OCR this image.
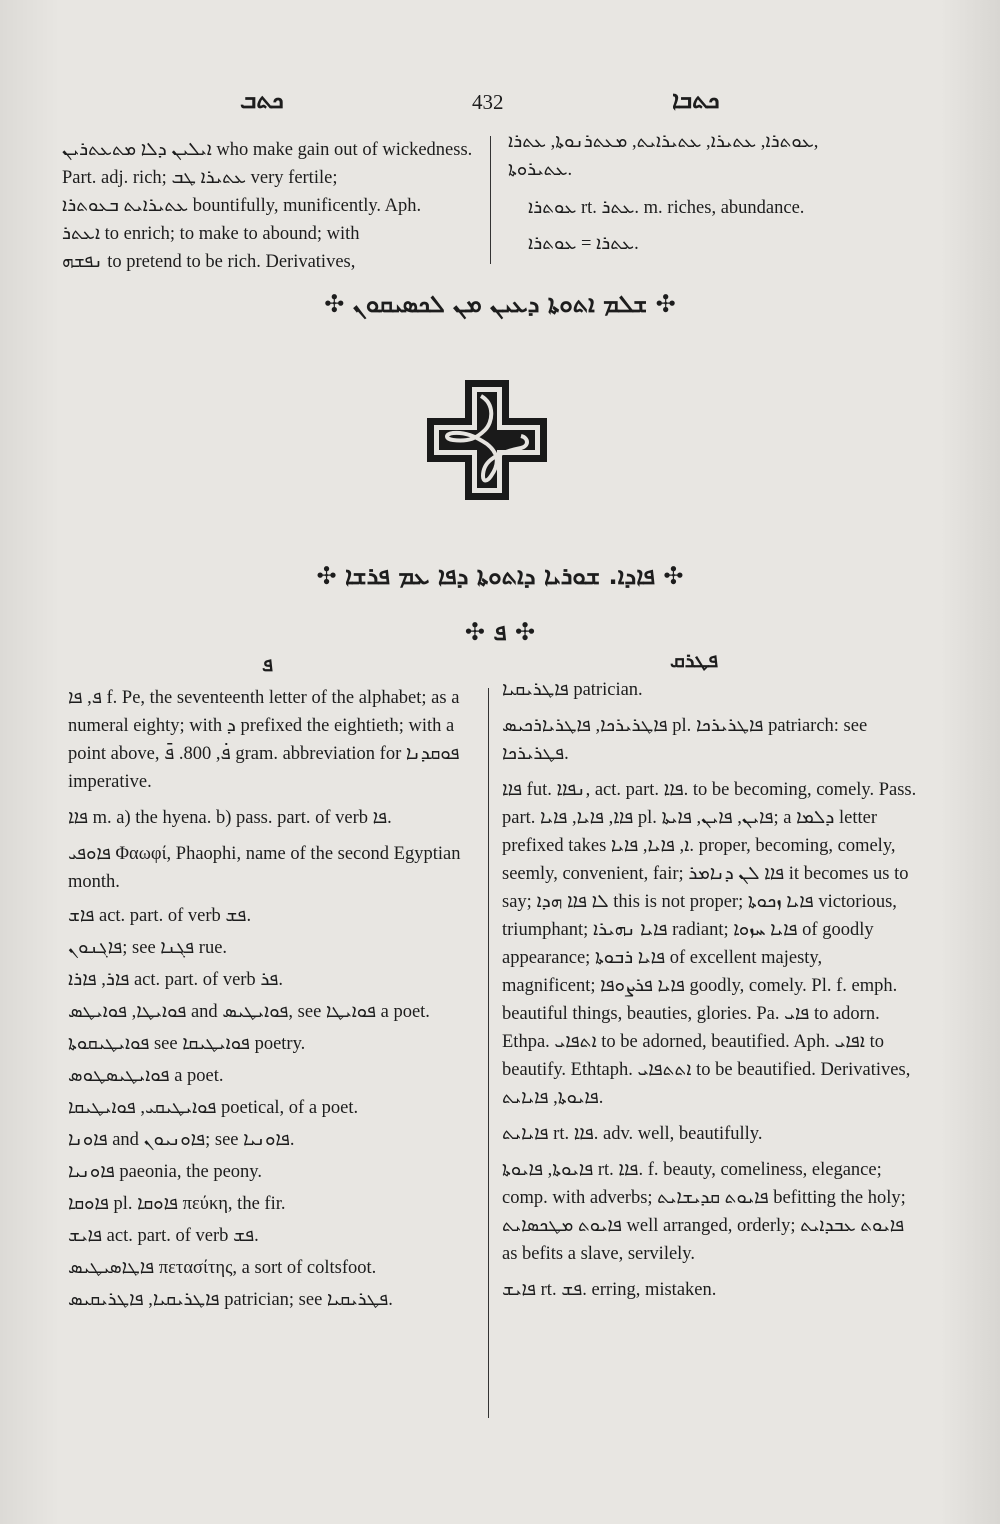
ܟܬܒ	432	ܟܬܒܐ

ܐܝܠܝܢ ܕܠܐ ܡܬܥܬܪܝܢ who make gain out of wickedness.

Part. adj. rich; ܥܬܝܪܐ ܛܒ very fertile;

ܥܬܝܪܐܝܬ ܒܥܘܬܪܐ bountifully, munificently. Aph.

ܐܥܬܪ to enrich; to make to abound; with

ܢܦܫܗ to pretend to be rich. Derivatives,

ܥܘܬܪܐ, ܥܬܝܪܐ, ܥܬܝܪܐܝܬ, ܡܥܬܪܢܘܬܐ, ܥܬܪܐ,

ܥܬܝܪܘܬܐ.

ܥܘܬܪܐ rt. ܥܬܪ. m. riches, abundance.

ܥܬܪܐ = ܥܘܬܪܐ.

✣ ܫܠܡ ܐܬܘܬܐ ܕܥܝܢ ܡܢ ܠܟܣܝܩܘܢ ✣
✣ ܦܐܕܐ. ܫܘܪܝܐ ܕܐܬܘܬܐ ܕܦܐ ܥܡ ܦܪܫܐ ✣
✣ ܦ ✣
ܦ	ܦܛܪܩ

ܦ, ܦܐ f. Pe, the seventeenth letter of the alphabet; as a numeral eighty; with ܕ prefixed the eightieth; with a point above, ܦ̇, 800. ܦ̄ gram. abbreviation for ܦܘܩܕܢܐ imperative.

ܦܐܐ m. a) the hyena. b) pass. part. of verb ܦܐ.

ܦܐܘܦܝ Φαωφί, Phaophi, name of the second Egyptian month.

ܦܐܫ act. part. of verb ܦܫ.

ܦܐܓܢܘܢ; see ܦܓܢܐ rue.

ܦܐܪ, ܦܐܪܐ act. part. of verb ܦܪ.

ܦܘܐܝܛܐ, ܦܘܐܝܛܣ and ܦܘܐܝܛܝܣ, see ܦܘܐܝܛܐ a poet.

ܦܘܐܝܛܝܩܘܬܐ see ܦܘܐܝܛܝܩܐ poetry.

ܦܘܐܝܛܝܣܛܘܣ a poet.

ܦܘܐܝܛܝܩܝ, ܦܘܐܝܛܝܩܐ poetical, of a poet.

ܦܐܘܢܐ and ܦܐܘܢܝܘܢ; see ܦܐܘܢܝܐ.

ܦܐܘܢܝܐ paeonia, the peony.

ܦܐܘܩܐ pl. ܦܐܘܩܐ πεύκη, the fir.

ܦܐܝܫ act. part. of verb ܦܫ.

ܦܐܛܐܣܝܛܝܣ πετασίτης, a sort of coltsfoot.

ܦܐܛܪܝܩܝܐ, ܦܐܛܪܝܩܝܣ patrician; see ܦܛܪܝܩܝܐ.

ܦܐܛܪܝܩܝܐ patrician.

ܦܐܛܪܝܪܟܐ, ܦܐܛܪܝܐܪܟܝܣ pl. ܦܐܛܪܝܪܟܐ patriarch: see ܦܛܪܝܪܟܐ.

ܦܐܐ fut. ܢܦܐܐ, act. part. ܦܐܐ. to be becoming, comely. Pass. part. ܦܐܐ, ܦܐܝܐ, ܦܐܝܐ pl. ܦܐܝܢ, ܦܐܝܢ, ܦܐܝܬܐ; a ܕܠܡܐ letter prefixed takes ܐ, ܦܐܝܐ, ܦܐܝܐ. proper, becoming, comely, seemly, convenient, fair; ܦܐܐ ܠܢ ܕܢܐܡܪ it becomes us to say; ܠܐ ܦܐܐ ܗܕܐ this is not proper; ܦܐܝܐ ܙܟܘܬܐ victorious, triumphant; ܦܐܝܐ ܢܗܝܪܐ radiant; ܦܐܝܐ ܚܙܘܐ of goodly appearance; ܦܐܝܐ ܪܒܘܬܐ of excellent majesty, magnificent; ܦܐܝܐ ܦܪܨܘܦܐ goodly, comely. Pl. f. emph. beautiful things, beauties, glories. Pa. ܦܐܝ to adorn. Ethpa. ܐܬܦܐܝ to be adorned, beautified. Aph. ܐܦܐܝ to beautify. Ethtaph. ܐܬܬܦܐܝ to be beautified. Derivatives, ܦܐܝܘܬܐ, ܦܐܝܐܝܬ.

ܦܐܝܐܝܬ rt. ܦܐܐ. adv. well, beautifully.

ܦܐܝܘܬܐ, ܦܐܝܘܬܐ rt. ܦܐܐ. f. beauty, comeliness, elegance; comp. with adverbs; ܦܐܝܘܬ ܩܕܝܫܐܝܬ befitting the holy; ܦܐܝܘܬ ܡܛܟܣܐܝܬ well arranged, orderly; ܦܐܝܘܬ ܥܒܕܐܝܬ as befits a slave, servilely.

ܦܐܝܫ rt. ܦܫ. erring, mistaken.
